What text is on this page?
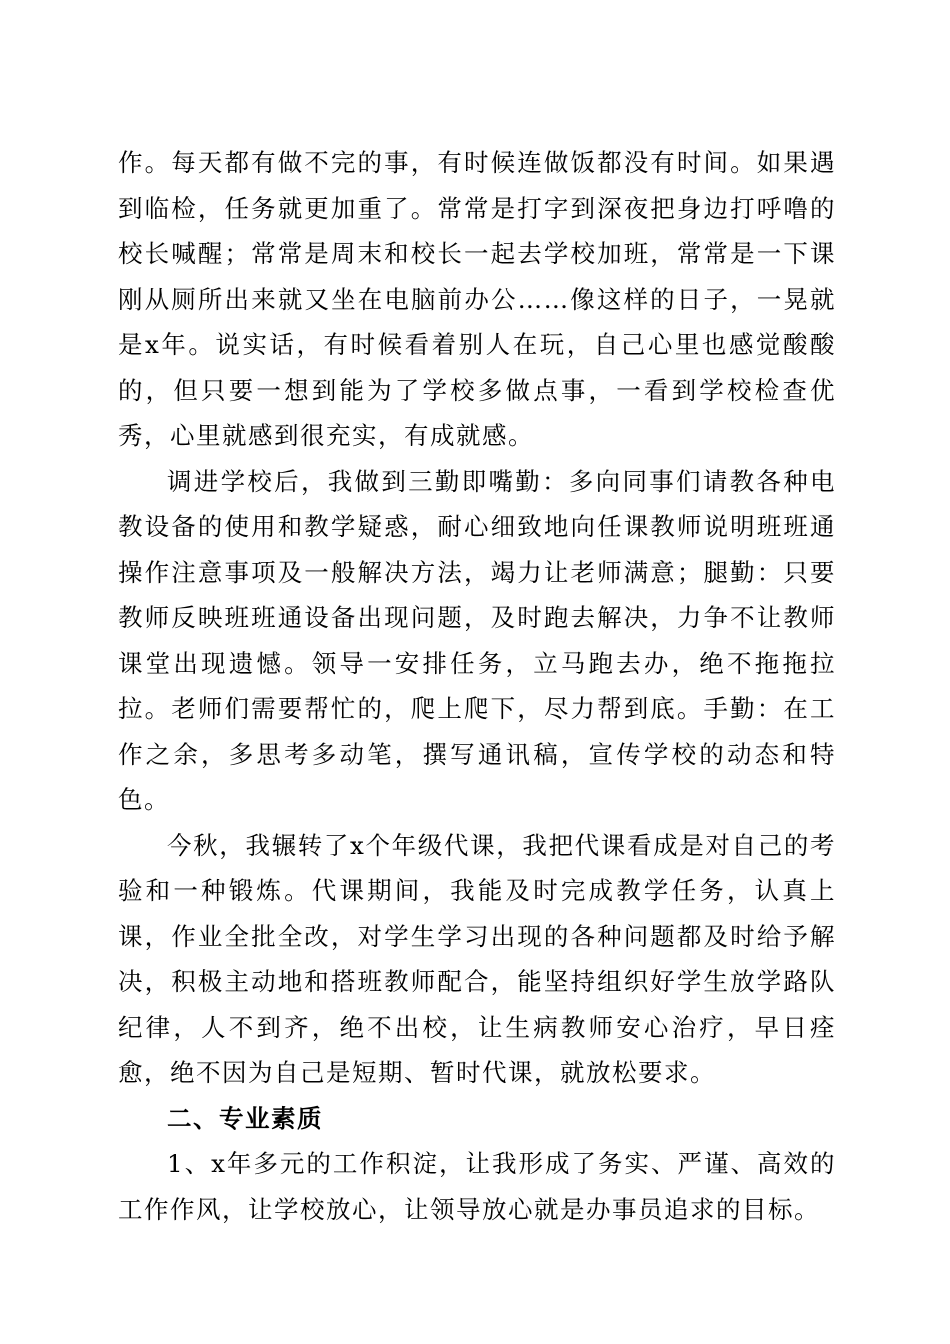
作。每天都有做不完的事，有时候连做饭都没有时间。如果遇到临检，任务就更加重了。常常是打字到深夜把身边打呼噜的校长喊醒；常常是周末和校长一起去学校加班，常常是一下课刚从厕所出来就又坐在电脑前办公……像这样的日子，一晃就是x年。说实话，有时候看着别人在玩，自己心里也感觉酸酸的，但只要一想到能为了学校多做点事，一看到学校检查优秀，心里就感到很充实，有成就感。

调进学校后，我做到三勤即嘴勤：多向同事们请教各种电教设备的使用和教学疑惑，耐心细致地向任课教师说明班班通操作注意事项及一般解决方法，竭力让老师满意；腿勤：只要教师反映班班通设备出现问题，及时跑去解决，力争不让教师课堂出现遗憾。领导一安排任务，立马跑去办，绝不拖拖拉拉。老师们需要帮忙的，爬上爬下，尽力帮到底。手勤：在工作之余，多思考多动笔，撰写通讯稿，宣传学校的动态和特色。

今秋，我辗转了x个年级代课，我把代课看成是对自己的考验和一种锻炼。代课期间，我能及时完成教学任务，认真上课，作业全批全改，对学生学习出现的各种问题都及时给予解决，积极主动地和搭班教师配合，能坚持组织好学生放学路队纪律，人不到齐，绝不出校，让生病教师安心治疗，早日痊愈，绝不因为自己是短期、暂时代课，就放松要求。

二、专业素质

1、x年多元的工作积淀，让我形成了务实、严谨、高效的工作作风，让学校放心，让领导放心就是办事员追求的目标。
